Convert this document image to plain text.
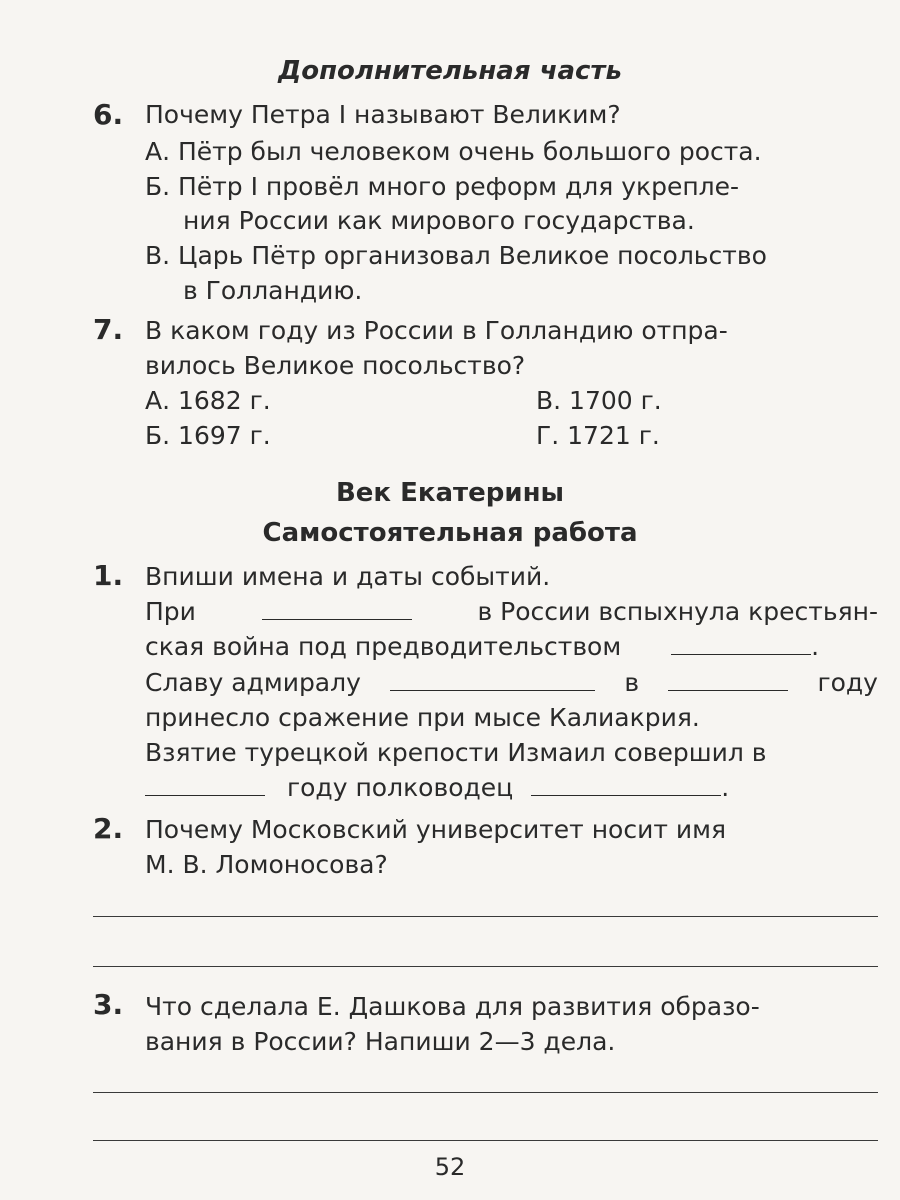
Дополнительная часть
6. Почему Петра I называют Великим?
А. Пётр был человеком очень большого роста.
Б. Пётр I провёл много реформ для укрепле-
ния России как мирового государства.
В. Царь Пётр организовал Великое посольство
в Голландию.
7. В каком году из России в Голландию отпра-
вилось Великое посольство?
А. 1682 г.	В. 1700 г.
Б. 1697 г.	Г. 1721 г.
Век Екатерины
Самостоятельная работа
1. Впиши имена и даты событий.
При	в России вспыхнула крестьян-
ская война под предводительством	.
Славу адмиралу	в	году
принесло сражение при мысе Калиакрия.
Взятие турецкой крепости Измаил совершил в
году полководец	.
2. Почему Московский университет носит имя
М. В. Ломоносова?
3. Что сделала Е. Дашкова для развития образо-
вания в России? Напиши 2—3 дела.
52
